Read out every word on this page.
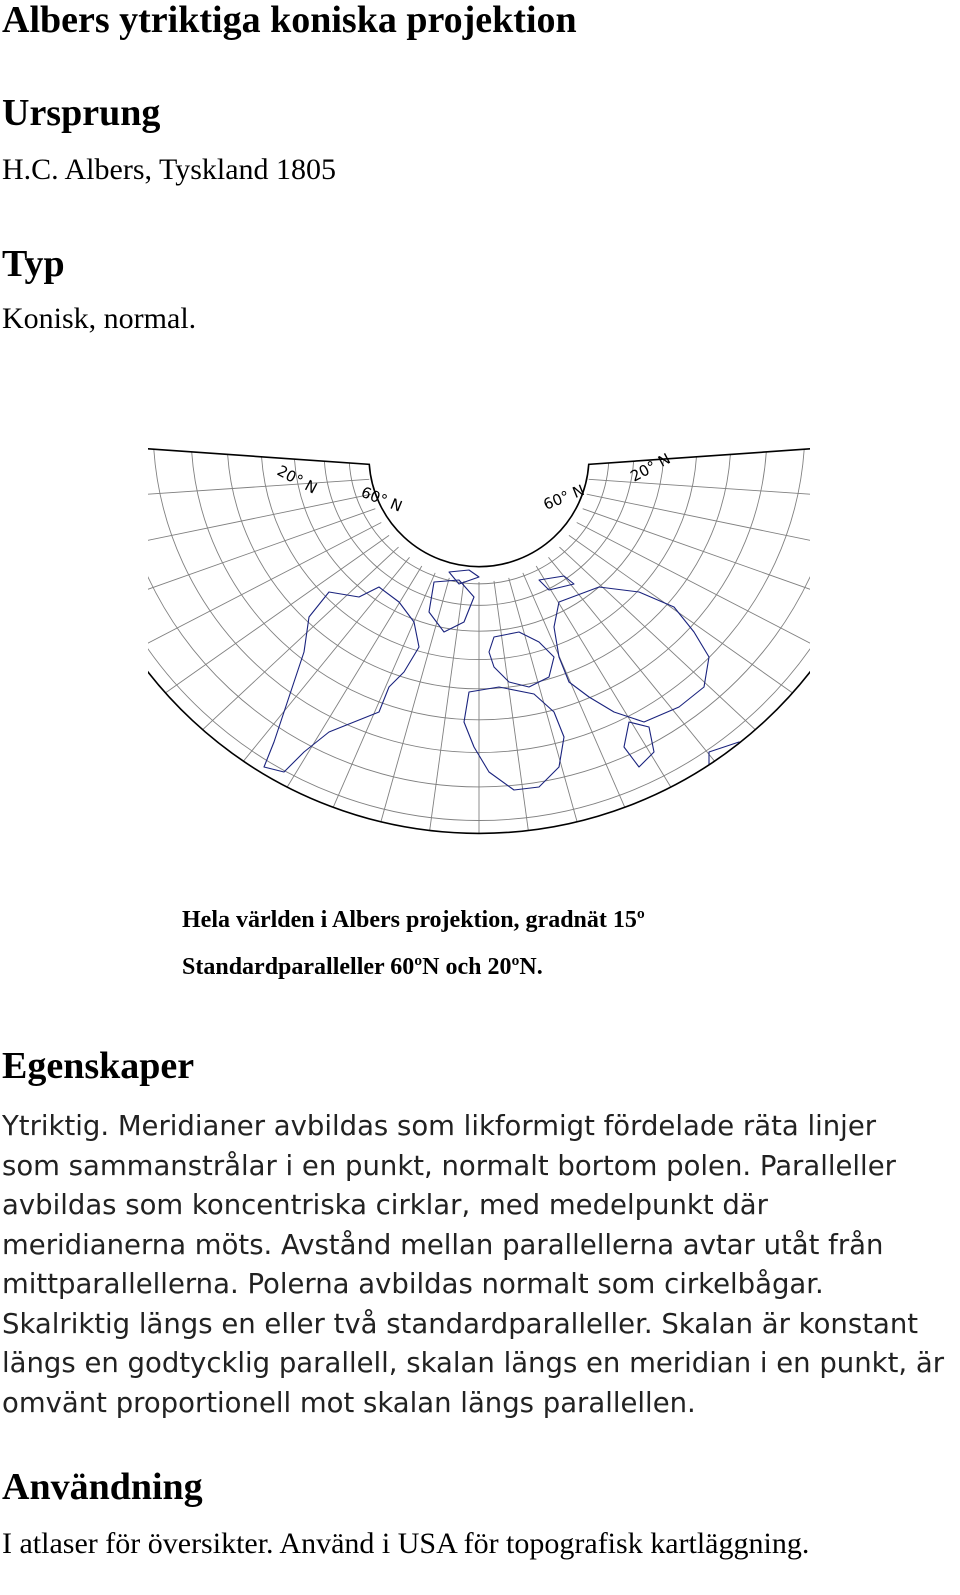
Albers ytriktiga koniska projektion
Ursprung
H.C. Albers, Tyskland 1805
Typ
Konisk, normal.
20° N
60° N	60° N
20° N
Hela världen i Albers projektion, gradnät 15º
Standardparalleller 60ºN och 20ºN.
Egenskaper
Ytriktig. Meridianer avbildas som likformigt fördelade räta linjer
som sammanstrålar i en punkt, normalt bortom polen. Paralleller
avbildas som koncentriska cirklar, med medelpunkt där
meridianerna möts. Avstånd mellan parallellerna avtar utåt från
mittparallellerna. Polerna avbildas normalt som cirkelbågar.
Skalriktig längs en eller två standardparalleller. Skalan är konstant
längs en godtycklig parallell, skalan längs en meridian i en punkt, är
omvänt proportionell mot skalan längs parallellen.
Användning
I atlaser för översikter. Använd i USA för topografisk kartläggning.
